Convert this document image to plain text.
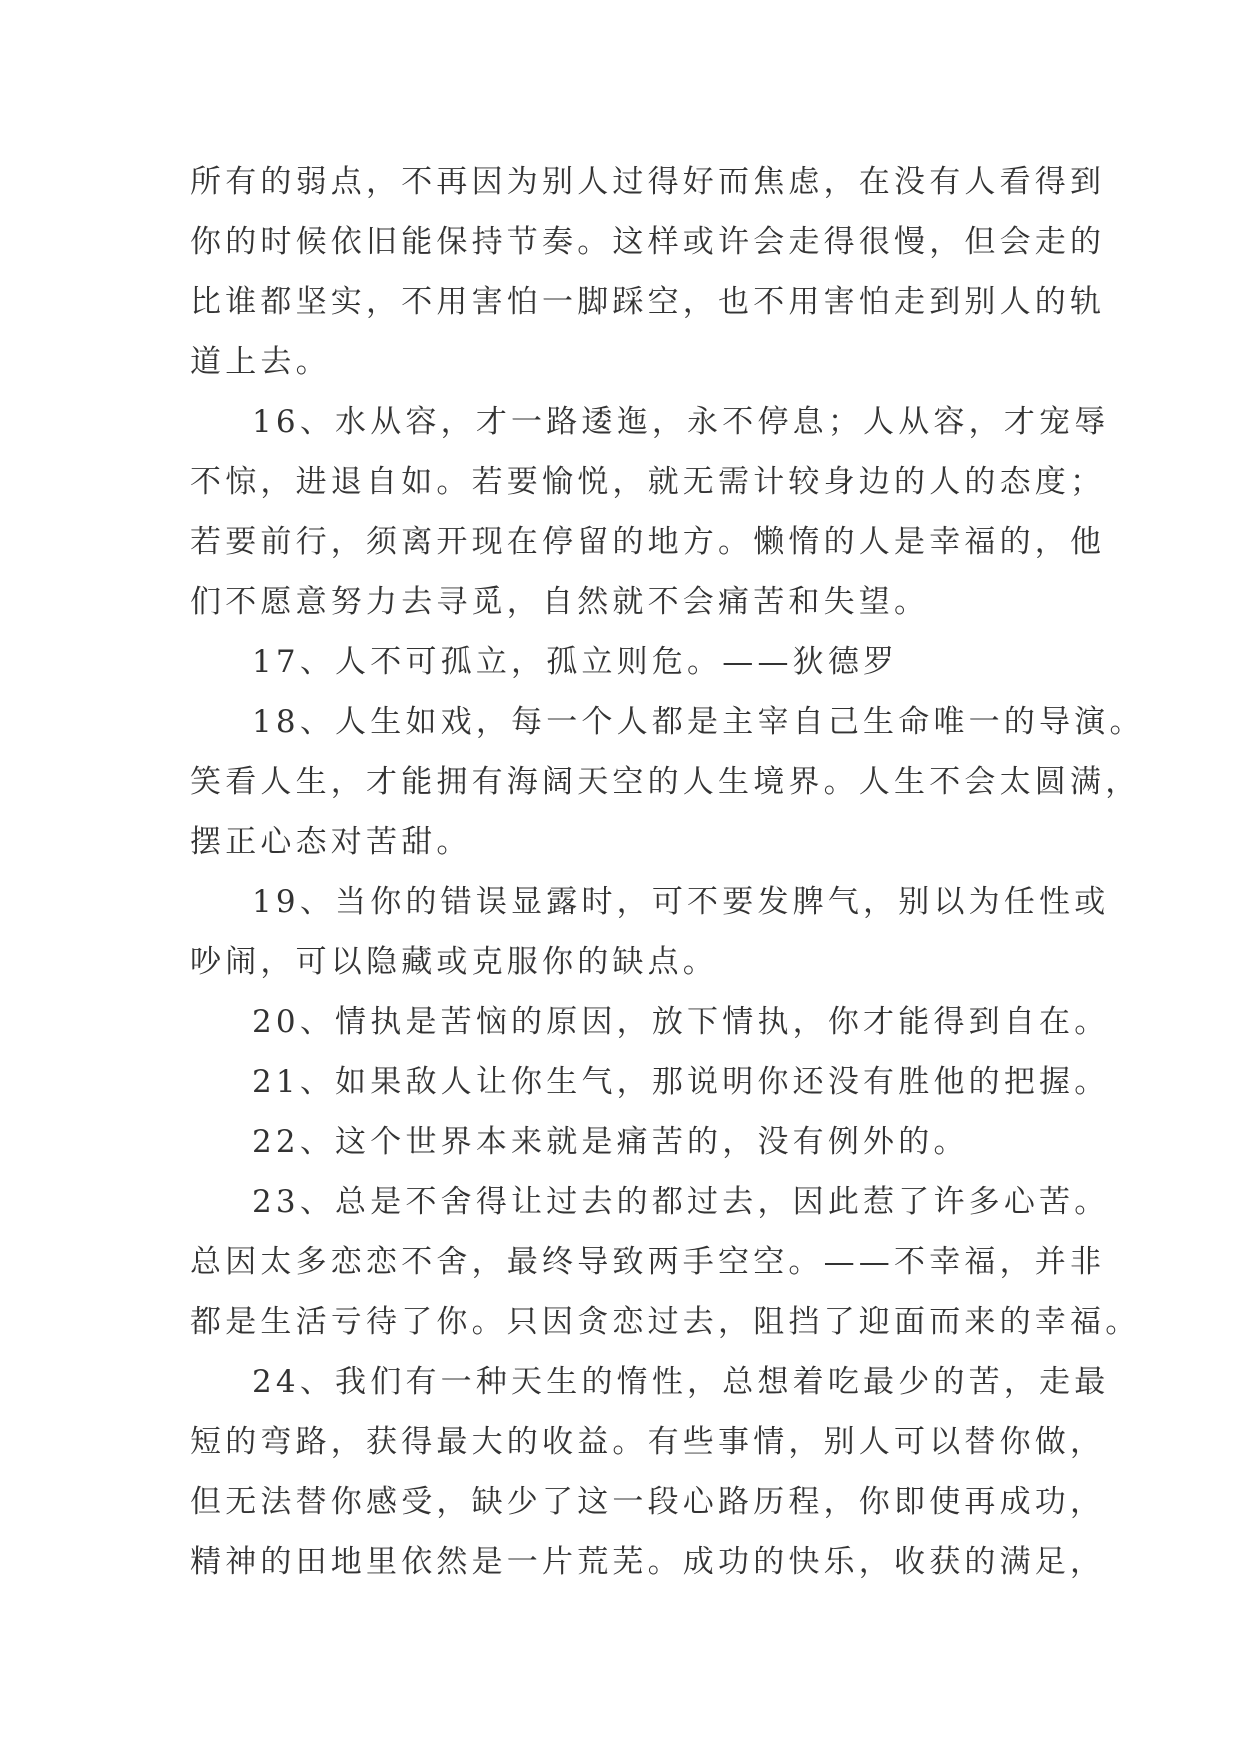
所有的弱点，不再因为别人过得好而焦虑，在没有人看得到
你的时候依旧能保持节奏。这样或许会走得很慢，但会走的
比谁都坚实，不用害怕一脚踩空，也不用害怕走到别人的轨
道上去。
16、水从容，才一路逶迤，永不停息；人从容，才宠辱
不惊，进退自如。若要愉悦，就无需计较身边的人的态度；
若要前行，须离开现在停留的地方。懒惰的人是幸福的，他
们不愿意努力去寻觅，自然就不会痛苦和失望。
17、人不可孤立，孤立则危。——狄德罗
18、人生如戏，每一个人都是主宰自己生命唯一的导演。
笑看人生，才能拥有海阔天空的人生境界。人生不会太圆满，
摆正心态对苦甜。
19、当你的错误显露时，可不要发脾气，别以为任性或
吵闹，可以隐藏或克服你的缺点。
20、情执是苦恼的原因，放下情执，你才能得到自在。
21、如果敌人让你生气，那说明你还没有胜他的把握。
22、这个世界本来就是痛苦的，没有例外的。
23、总是不舍得让过去的都过去，因此惹了许多心苦。
总因太多恋恋不舍，最终导致两手空空。——不幸福，并非
都是生活亏待了你。只因贪恋过去，阻挡了迎面而来的幸福。
24、我们有一种天生的惰性，总想着吃最少的苦，走最
短的弯路，获得最大的收益。有些事情，别人可以替你做，
但无法替你感受，缺少了这一段心路历程，你即使再成功，
精神的田地里依然是一片荒芜。成功的快乐，收获的满足，
